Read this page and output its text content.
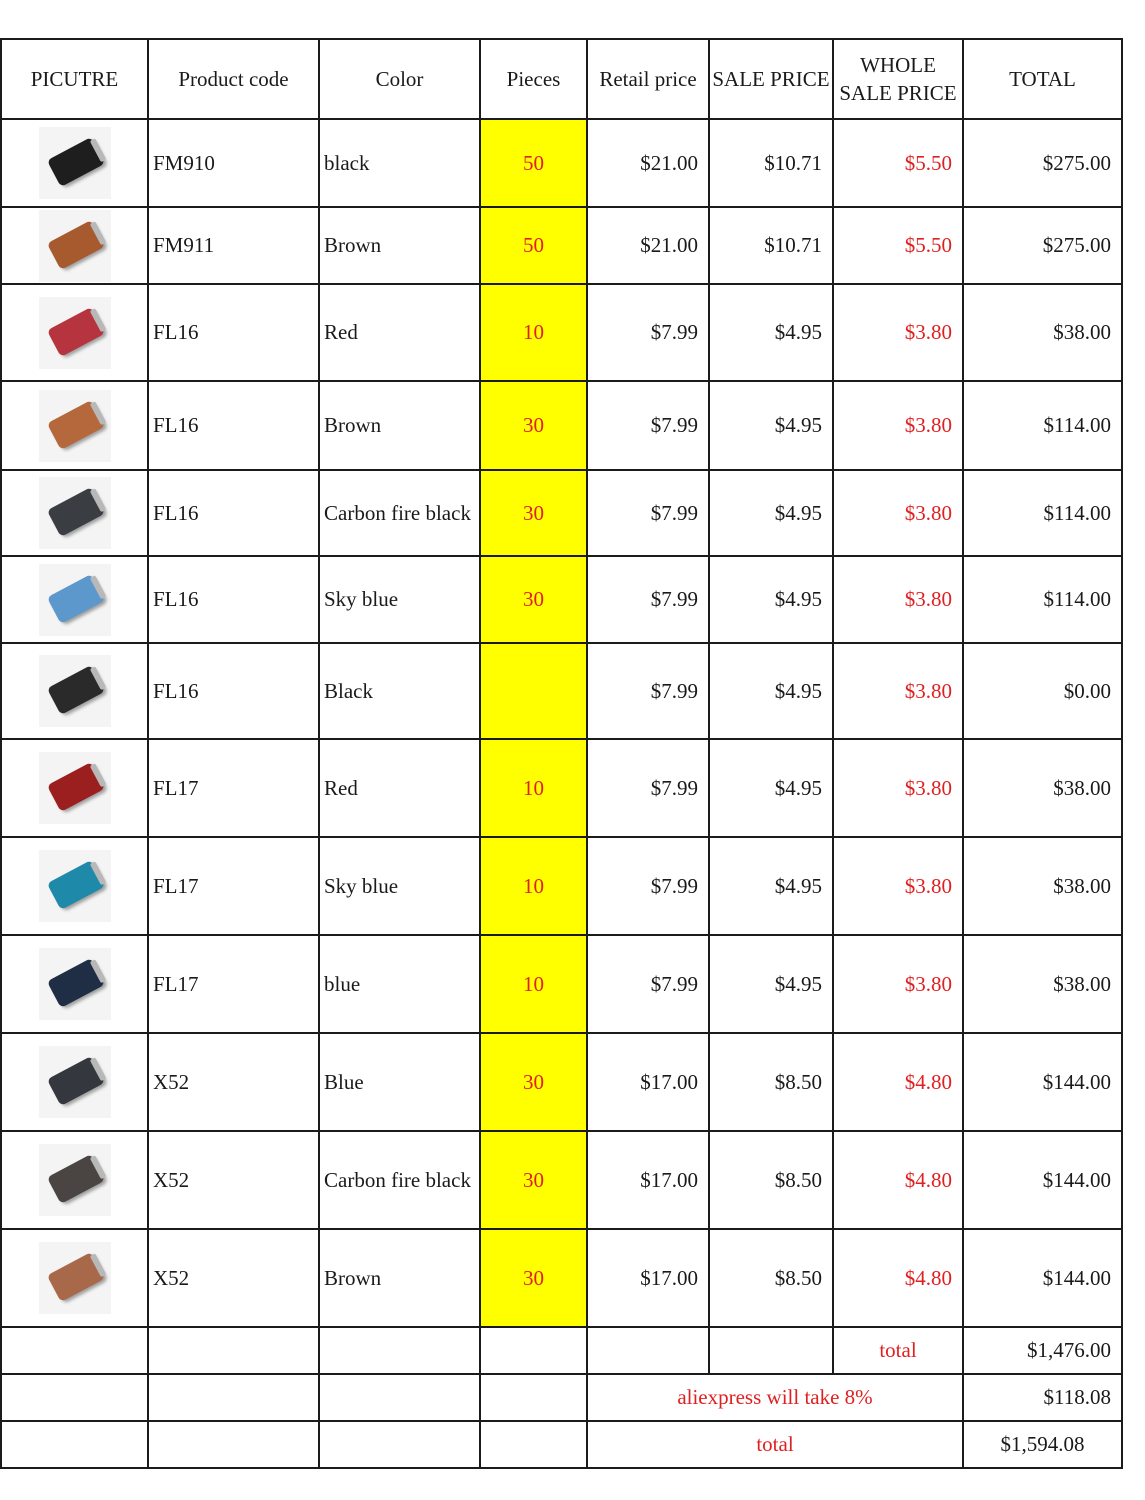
PICUTRE	Product code	Color	Pieces	Retail price	SALE PRICE	WHOLE SALE PRICE	TOTAL

	FM910	black	50	$21.00	$10.71	$5.50	$275.00

	FM911	Brown	50	$21.00	$10.71	$5.50	$275.00

	FL16	Red	10	$7.99	$4.95	$3.80	$38.00

	FL16	Brown	30	$7.99	$4.95	$3.80	$114.00

	FL16	Carbon fire black	30	$7.99	$4.95	$3.80	$114.00

	FL16	Sky blue	30	$7.99	$4.95	$3.80	$114.00

	FL16	Black		$7.99	$4.95	$3.80	$0.00

	FL17	Red	10	$7.99	$4.95	$3.80	$38.00

	FL17	Sky blue	10	$7.99	$4.95	$3.80	$38.00

	FL17	blue	10	$7.99	$4.95	$3.80	$38.00

	X52	Blue	30	$17.00	$8.50	$4.80	$144.00

	X52	Carbon fire black	30	$17.00	$8.50	$4.80	$144.00

	X52	Brown	30	$17.00	$8.50	$4.80	$144.00
						total	$1,476.00
				aliexpress will take 8%			$118.08
				total			$1,594.08
